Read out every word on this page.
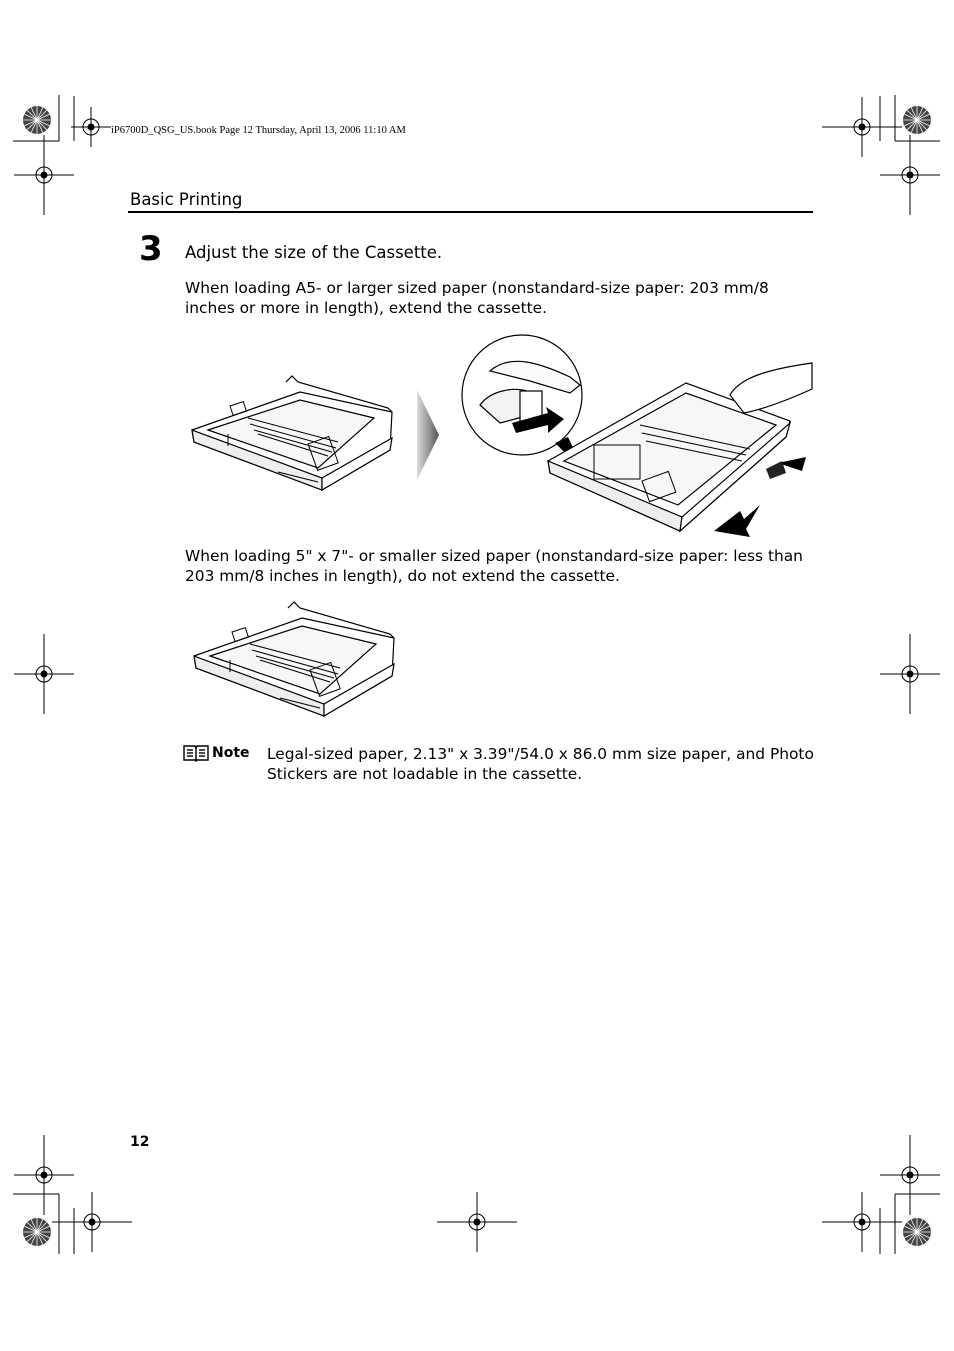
iP6700D_QSG_US.book Page 12 Thursday, April 13, 2006 11:10 AM
Basic Printing
3 Adjust the size of the Cassette.
When loading A5- or larger sized paper (nonstandard-size paper: 203 mm/8 inches or more in length), extend the cassette.
When loading 5" x 7"- or smaller sized paper (nonstandard-size paper: less than 203 mm/8 inches in length), do not extend the cassette.
Note Legal-sized paper, 2.13" x 3.39"/54.0 x 86.0 mm size paper, and Photo Stickers are not loadable in the cassette.
12
